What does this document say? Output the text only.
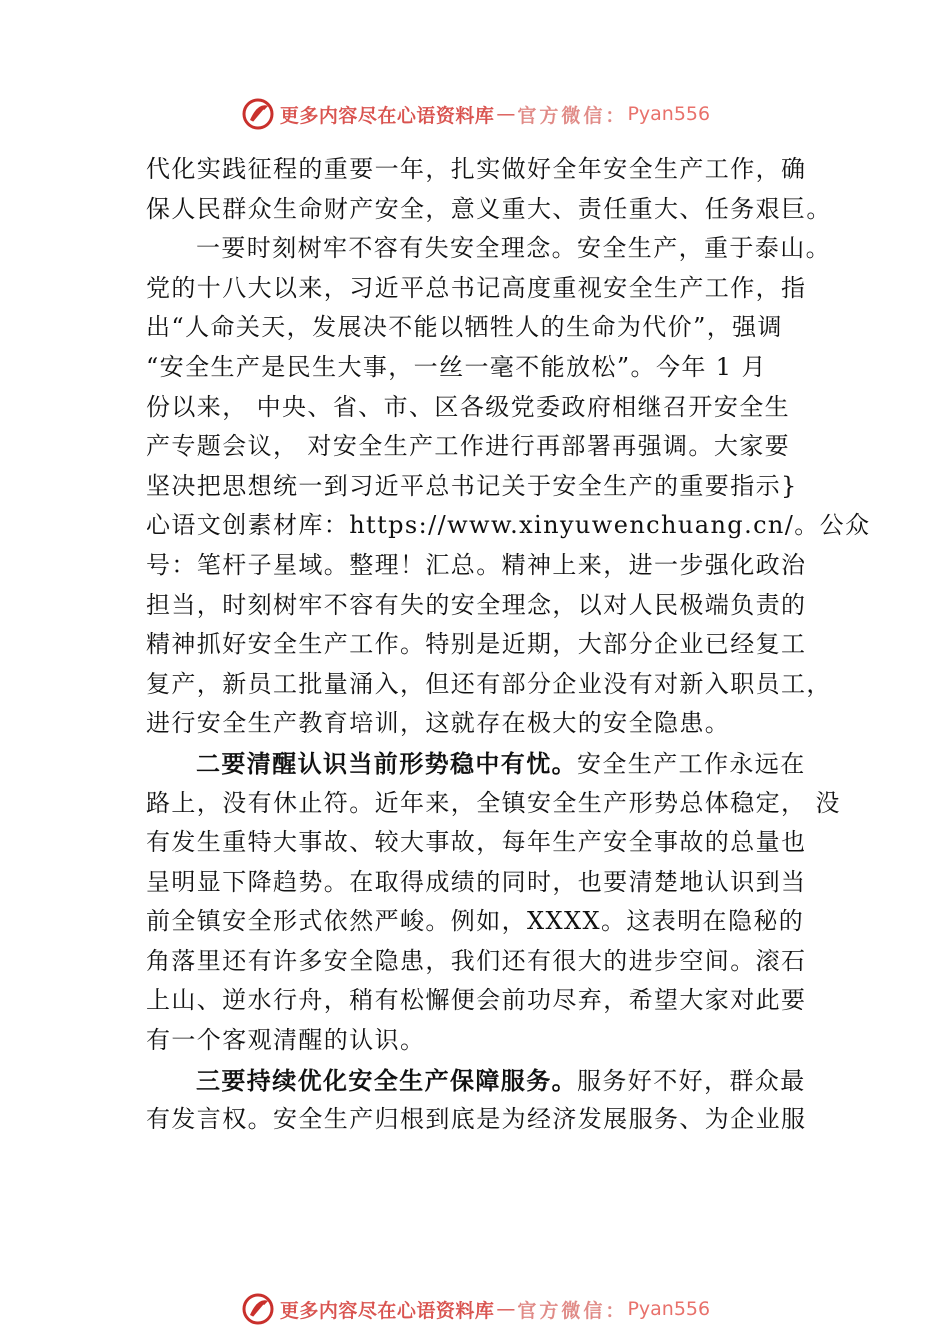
更多内容尽在心语资料库 — 官方微信： Pyan556
代化实践征程的重要一年，扎实做好全年安全生产工作，确
保人民群众生命财产安全，意义重大、责任重大、任务艰巨。
一要时刻树牢不容有失安全理念。安全生产，重于泰山。
党的十八大以来，习近平总书记高度重视安全生产工作，指
出“人命关天，发展决不能以牺牲人的生命为代价”，强调
“安全生产是民生大事，一丝一毫不能放松”。今年 1 月
份以来， 中央、省、市、区各级党委政府相继召开安全生
产专题会议， 对安全生产工作进行再部署再强调。大家要
坚决把思想统一到习近平总书记关于安全生产的重要指示}
心语文创素材库：https://www.xinyuwenchuang.cn/。公众
号：笔杆子星域。整理！汇总。精神上来，进一步强化政治
担当，时刻树牢不容有失的安全理念，以对人民极端负责的
精神抓好安全生产工作。特别是近期，大部分企业已经复工
复产，新员工批量涌入，但还有部分企业没有对新入职员工，
进行安全生产教育培训，这就存在极大的安全隐患。
二要清醒认识当前形势稳中有忧。安全生产工作永远在
路上，没有休止符。近年来，全镇安全生产形势总体稳定， 没
有发生重特大事故、较大事故，每年生产安全事故的总量也
呈明显下降趋势。在取得成绩的同时，也要清楚地认识到当
前全镇安全形式依然严峻。例如，XXXX。这表明在隐秘的
角落里还有许多安全隐患，我们还有很大的进步空间。滚石
上山、逆水行舟，稍有松懈便会前功尽弃，希望大家对此要
有一个客观清醒的认识。
三要持续优化安全生产保障服务。服务好不好，群众最
有发言权。安全生产归根到底是为经济发展服务、为企业服
更多内容尽在心语资料库 — 官方微信： Pyan556
